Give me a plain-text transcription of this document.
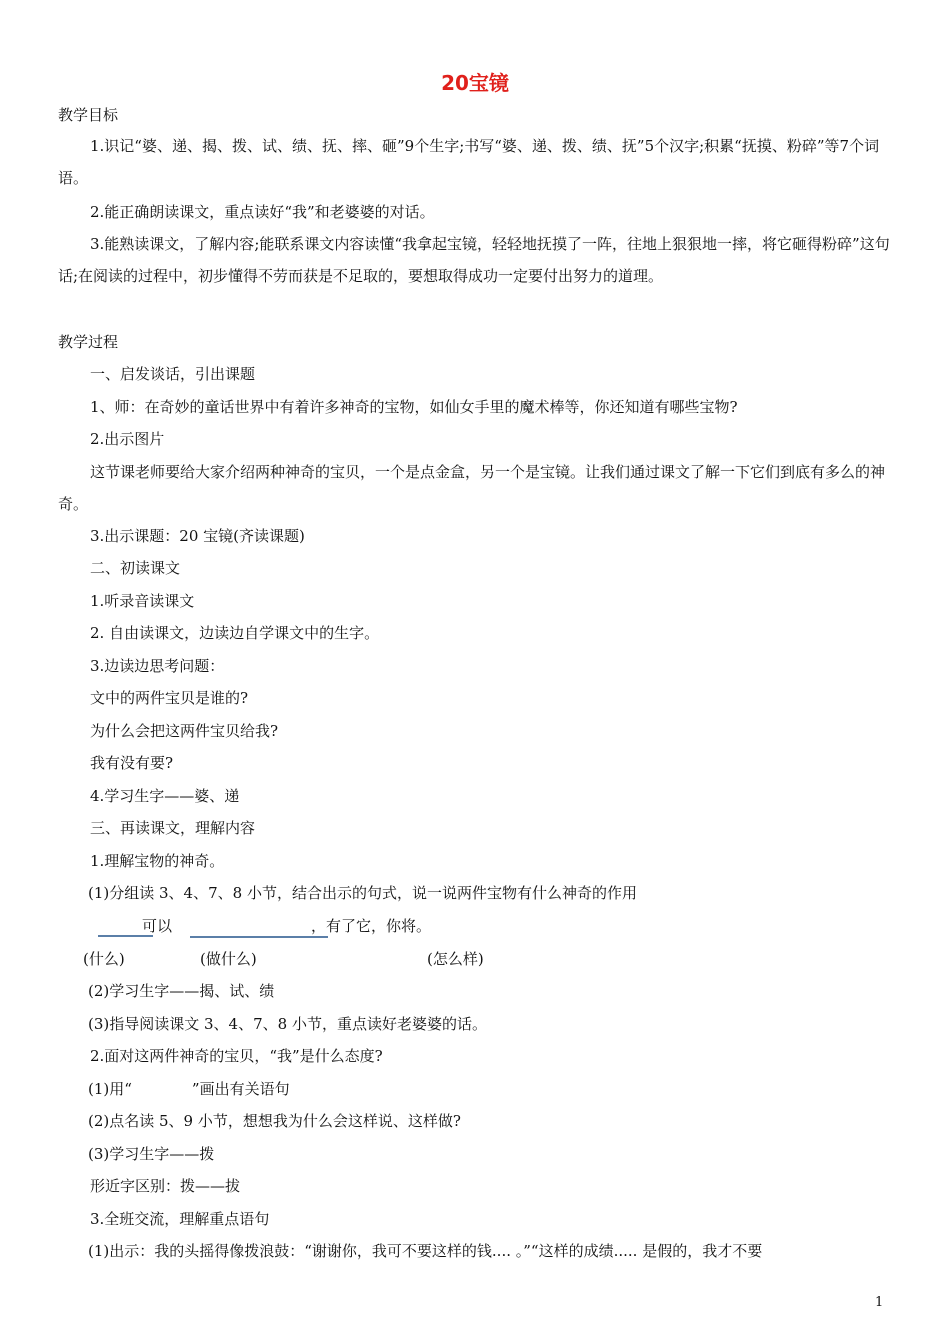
20宝镜
教学目标
1.识记“婆、递、揭、拨、试、绩、抚、摔、砸”9个生字;书写“婆、递、拨、绩、抚”5个汉字;积累“抚摸、粉碎”等7个词语。
2.能正确朗读课文，重点读好“我”和老婆婆的对话。
3.能熟读课文，了解内容;能联系课文内容读懂“我拿起宝镜，轻轻地抚摸了一阵，往地上狠狠地一摔，将它砸得粉碎”这句话;在阅读的过程中，初步懂得不劳而获是不足取的，要想取得成功一定要付出努力的道理。
教学过程
一、启发谈话，引出课题
1、师：在奇妙的童话世界中有着许多神奇的宝物，如仙女手里的魔术棒等，你还知道有哪些宝物?
2.出示图片
这节课老师要给大家介绍两种神奇的宝贝，一个是点金盒，另一个是宝镜。让我们通过课文了解一下它们到底有多么的神奇。
3.出示课题：20 宝镜(齐读课题)
二、初读课文
1.听录音读课文
2. 自由读课文，边读边自学课文中的生字。
3.边读边思考问题：
文中的两件宝贝是谁的?
为什么会把这两件宝贝给我?
我有没有要?
4.学习生字——婆、递
三、再读课文，理解内容
1.理解宝物的神奇。
(1)分组读 3、4、7、8 小节，结合出示的句式，说一说两件宝物有什么神奇的作用
可以	，有了它，你将。
(什么)	(做什么)	(怎么样)
(2)学习生字——揭、试、绩
(3)指导阅读课文 3、4、7、8 小节，重点读好老婆婆的话。
2.面对这两件神奇的宝贝，“我”是什么态度?
(1)用“	”画出有关语句
(2)点名读 5、9 小节，想想我为什么会这样说、这样做?
(3)学习生字——拨
形近字区别：拨——拔
3.全班交流，理解重点语句
(1)出示：我的头摇得像拨浪鼓：“谢谢你，我可不要这样的钱.... 。”“这样的成绩..... 是假的，我才不要
1
